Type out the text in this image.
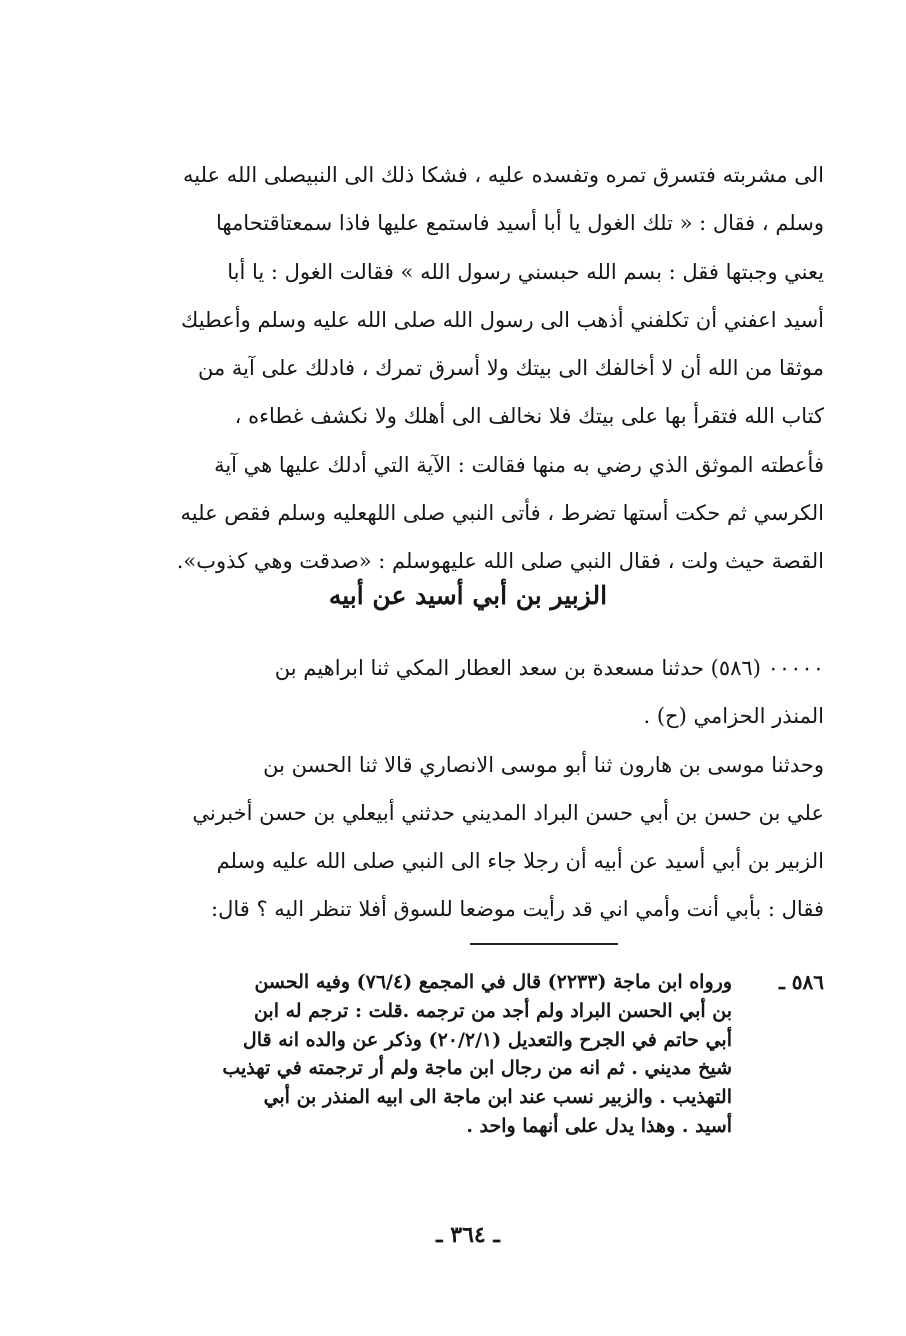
الى مشربته فتسرق تمره وتفسده عليه ، فشكا ذلك الى النبيصلى الله عليه
وسلم ، فقال : « تلك الغول يا أبا أسيد فاستمع عليها فاذا سمعتاقتحامها
يعني وجبتها فقل : بسم الله حبسني رسول الله » فقالت الغول : يا أبا
أسيد اعفني أن تكلفني أذهب الى رسول الله صلى الله عليه وسلم وأعطيك
موثقا من الله أن لا أخالفك الى بيتك ولا أسرق تمرك ، فادلك على آية من
كتاب الله فتقرأ بها على بيتك فلا نخالف الى أهلك ولا نكشف غطاءه ،
فأعطته الموثق الذي رضي به منها فقالت : الآية التي أدلك عليها هي آية
الكرسي ثم حكت أستها تضرط ، فأتى النبي صلى اللهعليه وسلم فقص عليه
القصة حيث ولت ، فقال النبي صلى الله عليهوسلم : «صدقت وهي كذوب».
الزبير بن أبي أسيد عن أبيه
٠٠٠٠٠ (٥٨٦) حدثنا مسعدة بن سعد العطار المكي ثنا ابراهيم بن
المنذر الحزامي (ح) .
وحدثنا موسى بن هارون ثنا أبو موسى الانصاري قالا ثنا الحسن بن
علي بن حسن بن أبي حسن البراد المديني حدثني أبيعلي بن حسن أخبرني
الزبير بن أبي أسيد عن أبيه أن رجلا جاء الى النبي صلى الله عليه وسلم
فقال : بأبي أنت وأمي اني قد رأيت موضعا للسوق أفلا تنظر اليه ؟ قال:
٥٨٦ ـ
ورواه ابن ماجة (٢٢٣٣) قال في المجمع (٧٦/٤) وفيه الحسن
بن أبي الحسن البراد ولم أجد من ترجمه .قلت : ترجم له ابن
أبي حاتم في الجرح والتعديل (٢٠/٢/١) وذكر عن والده انه قال
شيخ مديني . ثم انه من رجال ابن ماجة ولم أر ترجمته في تهذيب
التهذيب . والزبير نسب عند ابن ماجة الى ابيه المنذر بن أبي
أسيد . وهذا يدل على أنهما واحد .
ـ ٣٦٤ ـ
